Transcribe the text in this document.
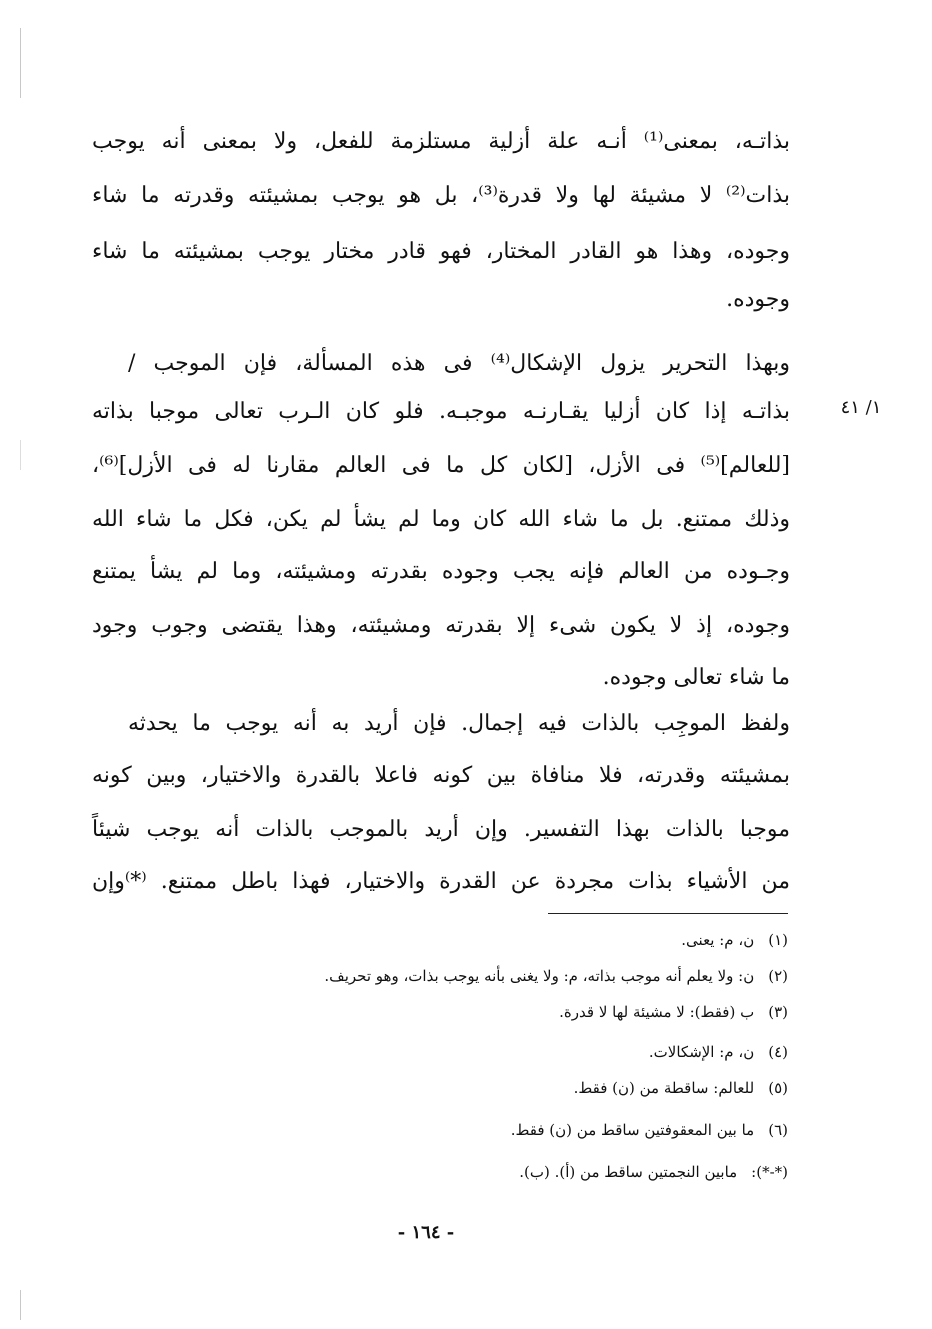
١/ ٤١
بذاتـه، بمعنى⁽¹⁾ أنـه علة أزلية مستلزمة للفعل، ولا بمعنى أنه يوجب
بذات⁽²⁾ لا مشيئة لها ولا قدرة⁽³⁾، بل هو يوجب بمشيئته وقدرته ما شاء
وجوده، وهذا هو القادر المختار، فهو قادر مختار يوجب بمشيئته ما شاء
وجوده.
وبهذا التحرير يزول الإشكال⁽⁴⁾ فى هذه المسألة، فإن الموجب /
بذاتـه إذا كان أزليا يقـارنـه موجبـه. فلو كان الـرب تعالى موجبا بذاته
[للعالم]⁽⁵⁾ فى الأزل، [لكان كل ما فى العالم مقارنا له فى الأزل]⁽⁶⁾،
وذلك ممتنع. بل ما شاء الله كان وما لم يشأ لم يكن، فكل ما شاء الله
وجـوده من العالم فإنه يجب وجوده بقدرته ومشيئته، وما لم يشأ يمتنع
وجوده، إذ لا يكون شىء إلا بقدرته ومشيئته، وهذا يقتضى وجوب وجود
ما شاء تعالى وجوده.
ولفظ الموجِب بالذات فيه إجمال. فإن أريد به أنه يوجب ما يحدثه
بمشيئته وقدرته، فلا منافاة بين كونه فاعلا بالقدرة والاختيار، وبين كونه
موجبا بالذات بهذا التفسير. وإن أريد بالموجب بالذات أنه يوجب شيئاً
من الأشياء بذات مجردة عن القدرة والاختيار، فهذا باطل ممتنع. ⁽*⁾وإن
(١)ن، م: يعنى.
(٢)ن: ولا يعلم أنه موجب بذاته، م: ولا يغنى بأنه يوجب بذات، وهو تحريف.
(٣)ب (فقط): لا مشيئة لها لا قدرة.
(٤)ن، م: الإشكالات.
(٥)للعالم: ساقطة من (ن) فقط.
(٦)ما بين المعقوفتين ساقط من (ن) فقط.
(*-*):مابين النجمتين ساقط من (أ). (ب).
- ١٦٤ -
